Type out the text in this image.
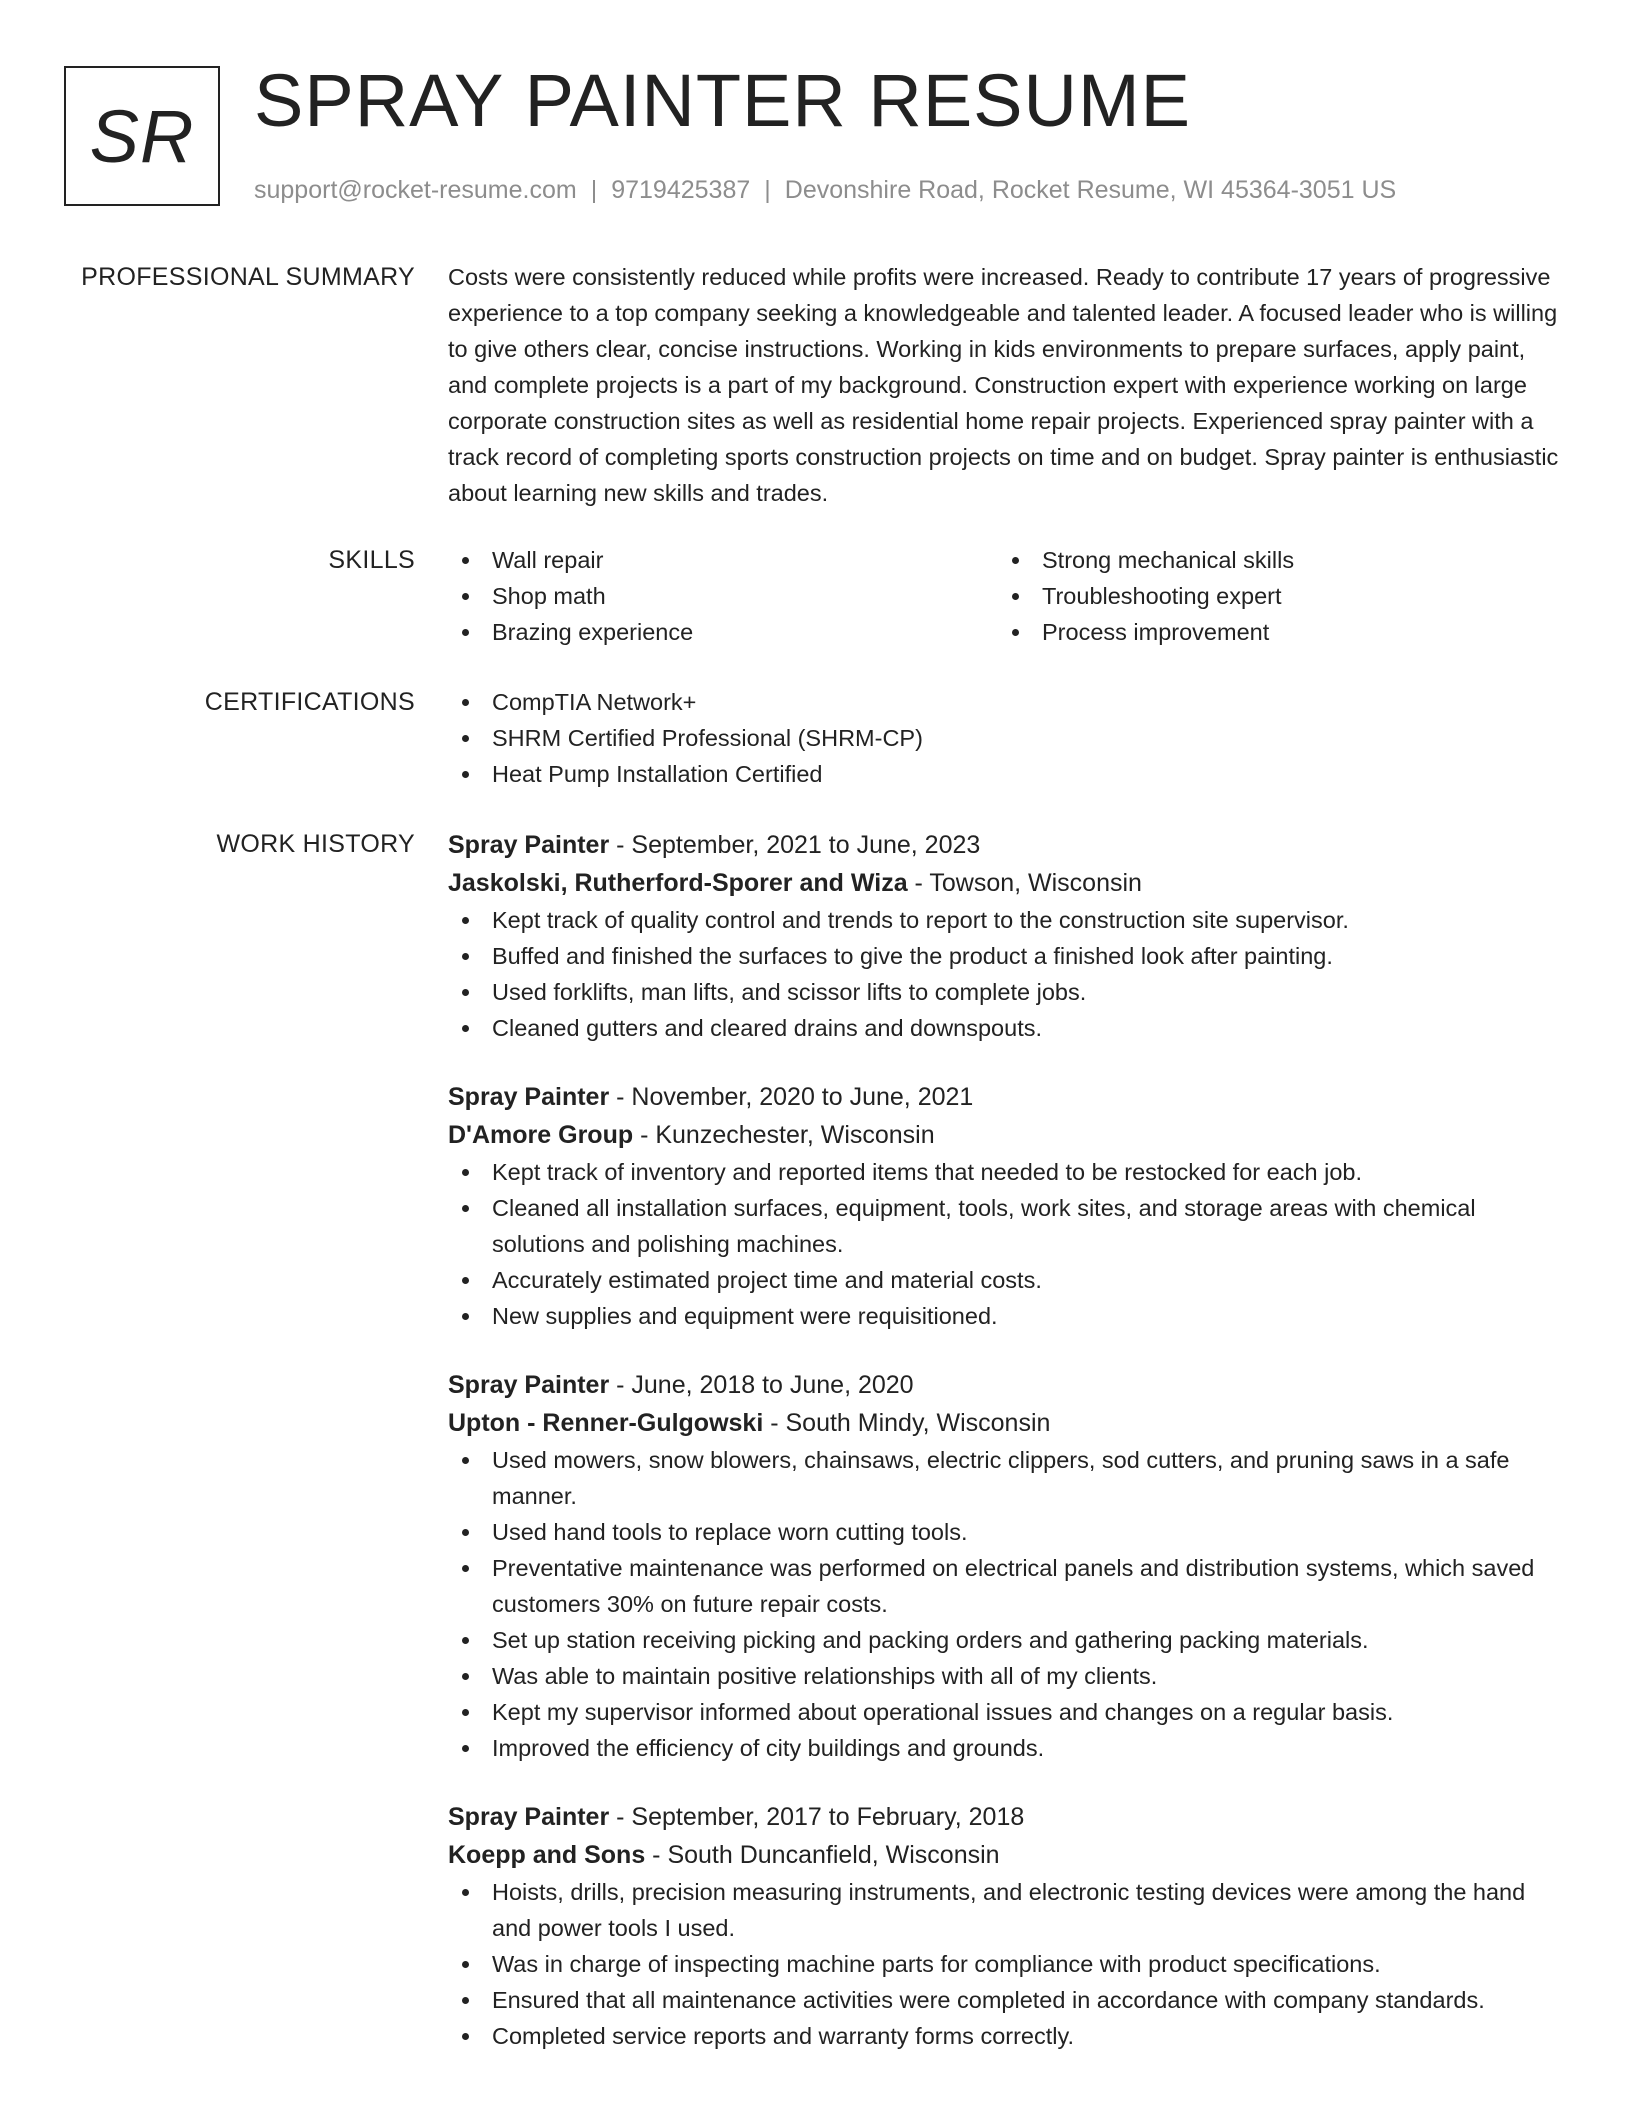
SR SPRAY PAINTER RESUME
support@rocket-resume.com | 9719425387 | Devonshire Road, Rocket Resume, WI 45364-3051 US
PROFESSIONAL SUMMARY Costs were consistently reduced while profits were increased. Ready to contribute 17 years of progressive experience to a top company seeking a knowledgeable and talented leader. A focused leader who is willing to give others clear, concise instructions. Working in kids environments to prepare surfaces, apply paint, and complete projects is a part of my background. Construction expert with experience working on large corporate construction sites as well as residential home repair projects. Experienced spray painter with a track record of completing sports construction projects on time and on budget. Spray painter is enthusiastic about learning new skills and trades.

SKILLS	Wall repair
Shop math
Brazing experience
Strong mechanical skills
Troubleshooting expert
Process improvement
CERTIFICATIONS	CompTIA Network+
SHRM Certified Professional (SHRM-CP)
Heat Pump Installation Certified
WORK HISTORY Spray Painter - September, 2021 to June, 2023
Jaskolski, Rutherford-Sporer and Wiza - Towson, Wisconsin
Kept track of quality control and trends to report to the construction site supervisor.
Buffed and finished the surfaces to give the product a finished look after painting.
Used forklifts, man lifts, and scissor lifts to complete jobs.
Cleaned gutters and cleared drains and downspouts.
Spray Painter - November, 2020 to June, 2021
D'Amore Group - Kunzechester, Wisconsin
Kept track of inventory and reported items that needed to be restocked for each job.
Cleaned all installation surfaces, equipment, tools, work sites, and storage areas with chemical solutions and polishing machines.
Accurately estimated project time and material costs.
New supplies and equipment were requisitioned.
Spray Painter - June, 2018 to June, 2020
Upton - Renner-Gulgowski - South Mindy, Wisconsin
Used mowers, snow blowers, chainsaws, electric clippers, sod cutters, and pruning saws in a safe manner.
Used hand tools to replace worn cutting tools.
Preventative maintenance was performed on electrical panels and distribution systems, which saved customers 30% on future repair costs.
Set up station receiving picking and packing orders and gathering packing materials.
Was able to maintain positive relationships with all of my clients.
Kept my supervisor informed about operational issues and changes on a regular basis.
Improved the efficiency of city buildings and grounds.
Spray Painter - September, 2017 to February, 2018
Koepp and Sons - South Duncanfield, Wisconsin
Hoists, drills, precision measuring instruments, and electronic testing devices were among the hand and power tools I used.
Was in charge of inspecting machine parts for compliance with product specifications.
Ensured that all maintenance activities were completed in accordance with company standards.
Completed service reports and warranty forms correctly.
